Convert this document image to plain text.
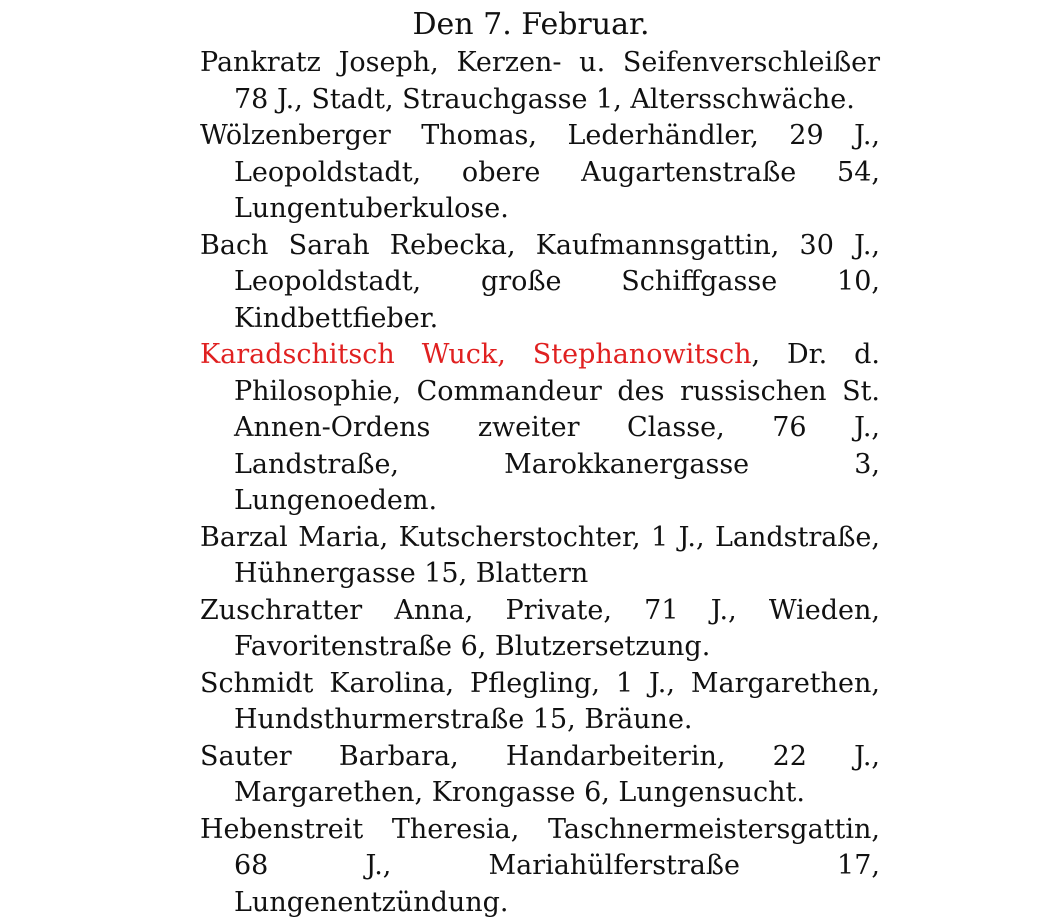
Den 7. Februar.

Pankratz Joseph, Kerzen- u. Seifenverschleißer 78 J., Stadt, Strauchgasse 1, Altersschwäche.

Wölzenberger Thomas, Lederhändler, 29 J., Leopoldstadt, obere Augartenstraße 54, Lungentuberkulose.

Bach Sarah Rebecka, Kaufmannsgattin, 30 J., Leopoldstadt, große Schiffgasse 10, Kindbettfieber.

Karadschitsch Wuck, Stephanowitsch, Dr. d. Philosophie, Commandeur des russischen St. Annen-Ordens zweiter Classe, 76 J., Landstraße, Marokkanergasse 3, Lungenoedem.

Barzal Maria, Kutscherstochter, 1 J., Landstraße, Hühnergasse 15, Blattern

Zuschratter Anna, Private, 71 J., Wieden, Favoritenstraße 6, Blutzersetzung.

Schmidt Karolina, Pflegling, 1 J., Margarethen, Hundsthurmerstraße 15, Bräune.

Sauter Barbara, Handarbeiterin, 22 J., Margarethen, Krongasse 6, Lungensucht.

Hebenstreit Theresia, Taschnermeistersgattin, 68 J., Mariahülferstraße 17, Lungenentzündung.
